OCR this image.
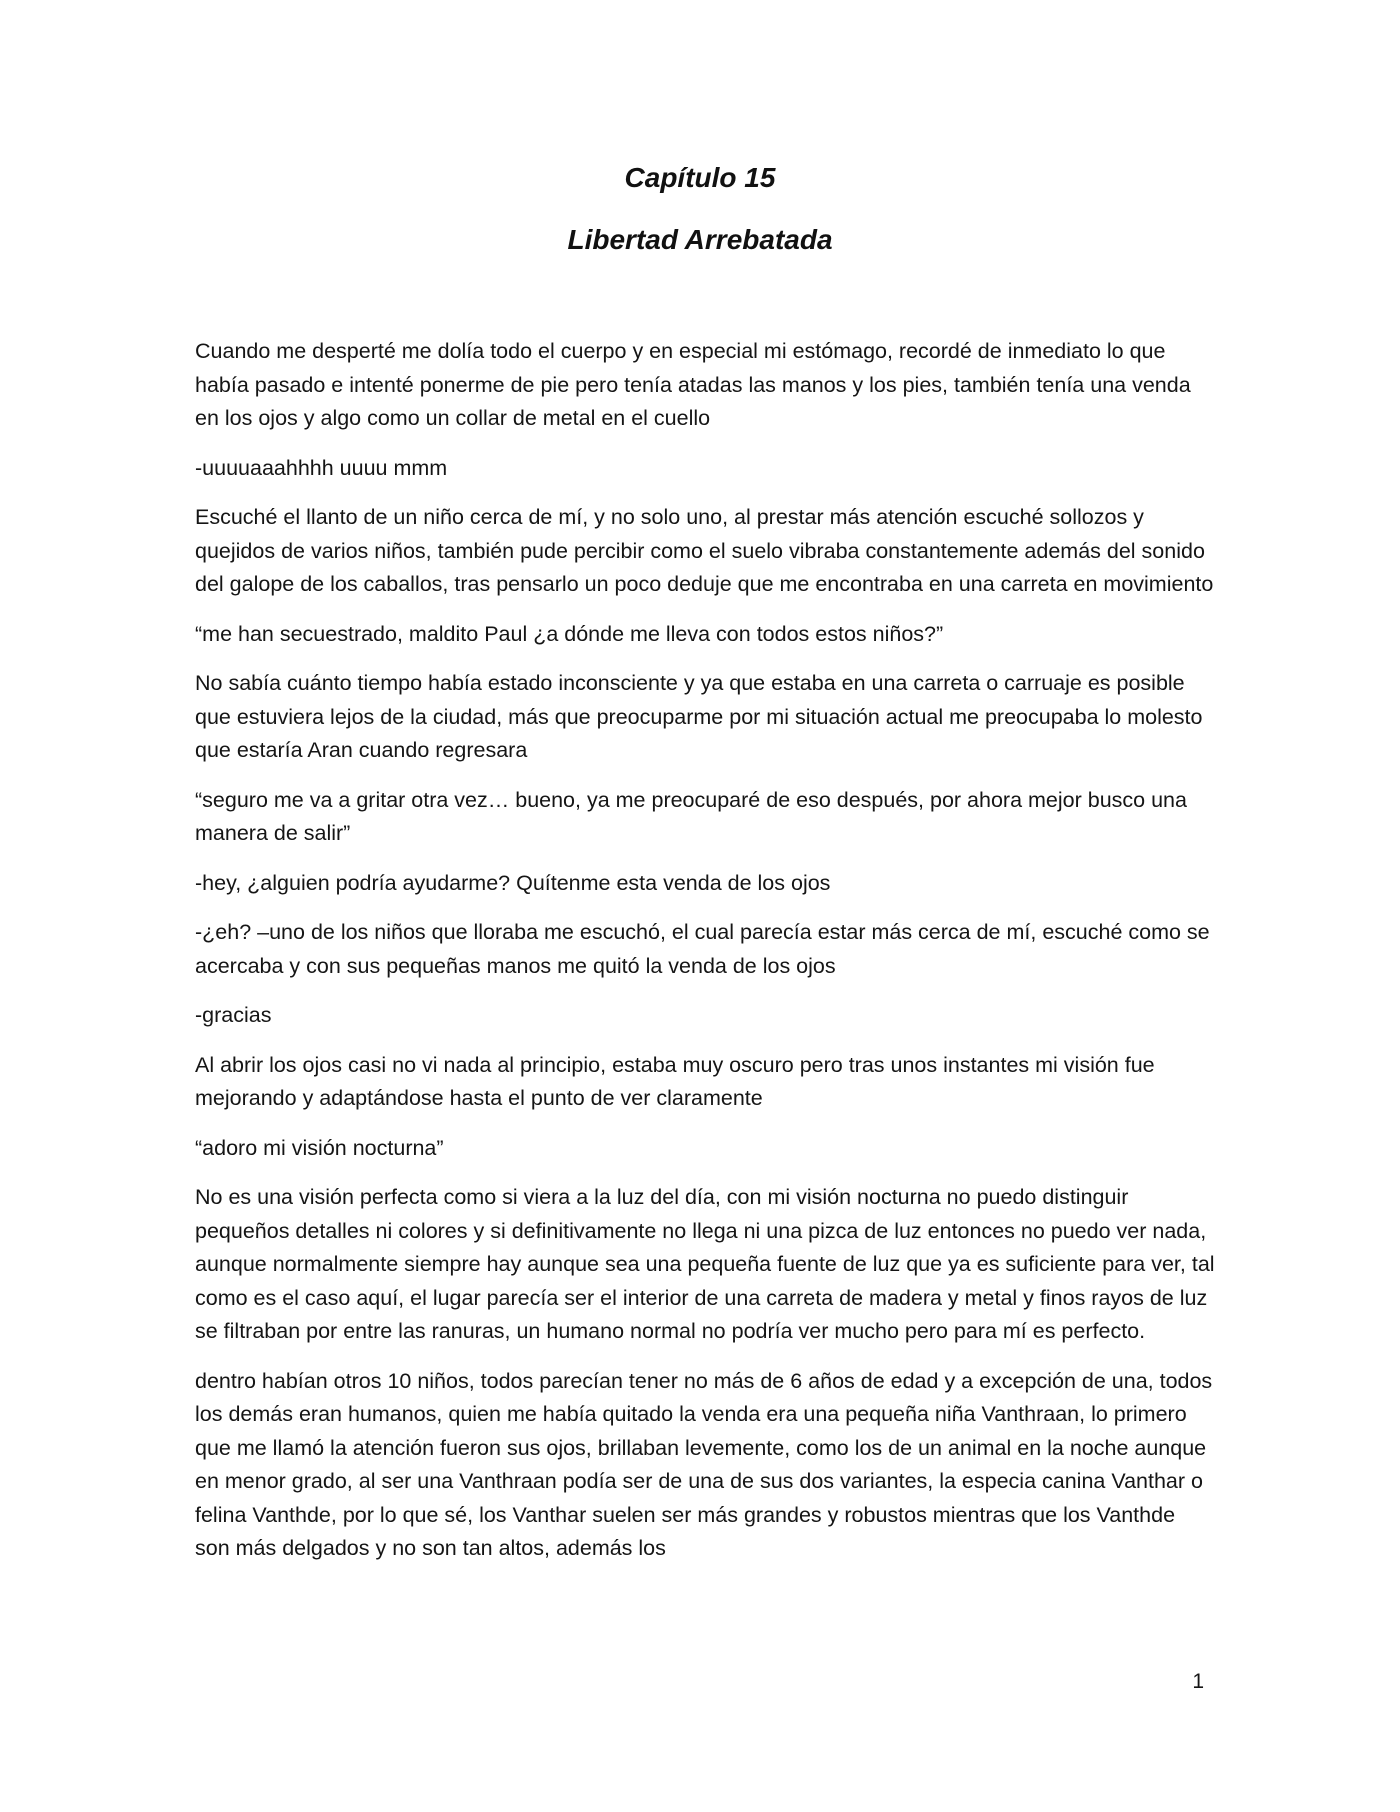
Capítulo 15
Libertad Arrebatada

Cuando me desperté me dolía todo el cuerpo y en especial mi estómago, recordé de inmediato lo que había pasado e intenté ponerme de pie pero tenía atadas las manos y los pies, también tenía una venda en los ojos y algo como un collar de metal en el cuello

-uuuuaaahhhh uuuu mmm

Escuché el llanto de un niño cerca de mí, y no solo uno, al prestar más atención escuché sollozos y quejidos de varios niños, también pude percibir como el suelo vibraba constantemente además del sonido del galope de los caballos, tras pensarlo un poco deduje que me encontraba en una carreta en movimiento

“me han secuestrado, maldito Paul ¿a dónde me lleva con todos estos niños?”

No sabía cuánto tiempo había estado inconsciente y ya que estaba en una carreta o carruaje es posible que estuviera lejos de la ciudad, más que preocuparme por mi situación actual me preocupaba lo molesto que estaría Aran cuando regresara

“seguro me va a gritar otra vez… bueno, ya me preocuparé de eso después, por ahora mejor busco una manera de salir”

-hey, ¿alguien podría ayudarme? Quítenme esta venda de los ojos

-¿eh? –uno de los niños que lloraba me escuchó, el cual parecía estar más cerca de mí, escuché como se acercaba y con sus pequeñas manos me quitó la venda de los ojos

-gracias

Al abrir los ojos casi no vi nada al principio, estaba muy oscuro pero tras unos instantes mi visión fue mejorando y adaptándose hasta el punto de ver claramente

“adoro mi visión nocturna”

No es una visión perfecta como si viera a la luz del día, con mi visión nocturna no puedo distinguir pequeños detalles ni colores y si definitivamente no llega ni una pizca de luz entonces no puedo ver nada, aunque normalmente siempre hay aunque sea una pequeña fuente de luz que ya es suficiente para ver, tal como es el caso aquí, el lugar parecía ser el interior de una carreta de madera y metal y finos rayos de luz se filtraban por entre las ranuras, un humano normal no podría ver mucho pero para mí es perfecto.

dentro habían otros 10 niños, todos parecían tener no más de 6 años de edad y a excepción de una, todos los demás eran humanos, quien me había quitado la venda era una pequeña niña Vanthraan, lo primero que me llamó la atención fueron sus ojos, brillaban levemente, como los de un animal en la noche aunque en menor grado, al ser una Vanthraan podía ser de una de sus dos variantes, la especia canina Vanthar o felina Vanthde, por lo que sé, los Vanthar suelen ser más grandes y robustos mientras que los Vanthde son más delgados y no son tan altos, además los

1
